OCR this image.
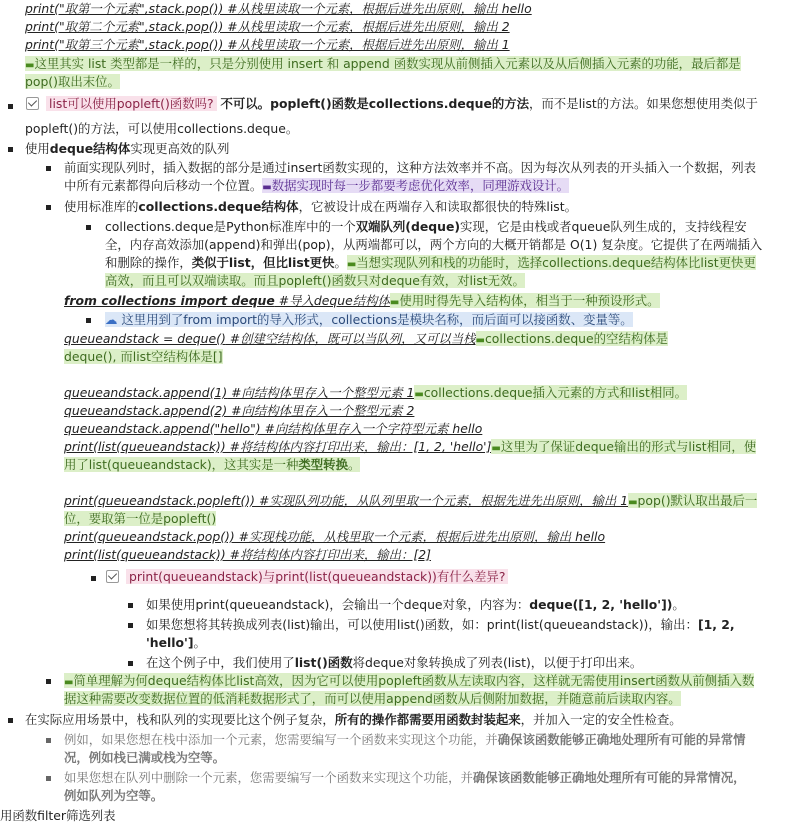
print("取第一个元素",stack.pop()) #从栈里读取一个元素，根据后进先出原则，输出 hello
print("取第二个元素",stack.pop()) #从栈里读取一个元素，根据后进先出原则，输出 2
print("取第三个元素",stack.pop()) #从栈里读取一个元素，根据后进先出原则，输出 1
▬这里其实 list 类型都是一样的，只是分别使用 insert 和 append 函数实现从前侧插入元素以及从后侧插入元素的功能，最后都是
pop()取出末位。
list可以使用popleft()函数吗? 不可以。popleft()函数是collections.deque的方法，而不是list的方法。如果您想使用类似于
popleft()的方法，可以使用collections.deque。
使用deque结构体实现更高效的队列
前面实现队列时，插入数据的部分是通过insert函数实现的，这种方法效率并不高。因为每次从列表的开头插入一个数据，列表
中所有元素都得向后移动一个位置。▬数据实现时每一步都要考虑优化效率，同理游戏设计。
使用标准库的collections.deque结构体，它被设计成在两端存入和读取都很快的特殊list。
collections.deque是Python标准库中的一个双端队列(deque)实现，它是由栈或者queue队列生成的，支持线程安
全，内存高效添加(append)和弹出(pop)，从两端都可以，两个方向的大概开销都是 O(1) 复杂度。它提供了在两端插入
和删除的操作，类似于list，但比list更快。▬当想实现队列和栈的功能时，选择collections.deque结构体比list更快更
高效，而且可以双端读取。而且popleft()函数只对deque有效，对list无效。
from collections import deque #导入deque结构体▬使用时得先导入结构体，相当于一种预设形式。
☁ 这里用到了from import的导入形式，collections是模块名称，而后面可以接函数、变量等。
queueandstack = deque() #创建空结构体，既可以当队列，又可以当栈▬collections.deque的空结构体是
deque(), 而list空结构体是[]
queueandstack.append(1) #向结构体里存入一个整型元素 1▬collections.deque插入元素的方式和list相同。
queueandstack.append(2) #向结构体里存入一个整型元素 2
queueandstack.append("hello") #向结构体里存入一个字符型元素 hello
print(list(queueandstack)) #将结构体内容打印出来，输出：[1, 2, 'hello']▬这里为了保证deque输出的形式与list相同，使
用了list(queueandstack)，这其实是一种类型转换。
print(queueandstack.popleft()) #实现队列功能，从队列里取一个元素，根据先进先出原则，输出 1▬pop()默认取出最后一
位，要取第一位是popleft()
print(queueandstack.pop()) #实现栈功能，从栈里取一个元素，根据后进先出原则，输出 hello
print(list(queueandstack)) #将结构体内容打印出来，输出：[2]
print(queueandstack)与print(list(queueandstack))有什么差异?
如果使用print(queueandstack)，会输出一个deque对象，内容为：deque([1, 2, 'hello'])。
如果您想将其转换成列表(list)输出，可以使用list()函数，如：print(list(queueandstack))，输出：[1, 2,
'hello']。
在这个例子中，我们使用了list()函数将deque对象转换成了列表(list)，以便于打印出来。
▬简单理解为何deque结构体比list高效，因为它可以使用popleft函数从左读取内容，这样就无需使用insert函数从前侧插入数
据这种需要改变数据位置的低消耗数据形式了，而可以使用append函数从后侧附加数据，并随意前后读取内容。
在实际应用场景中，栈和队列的实现要比这个例子复杂，所有的操作都需要用函数封装起来，并加入一定的安全性检查。
例如，如果您想在栈中添加一个元素，您需要编写一个函数来实现这个功能，并确保该函数能够正确地处理所有可能的异常情
况，例如栈已满或栈为空等。
如果您想在队列中删除一个元素，您需要编写一个函数来实现这个功能，并确保该函数能够正确地处理所有可能的异常情况，
例如队列为空等。
用函数filter筛选列表
